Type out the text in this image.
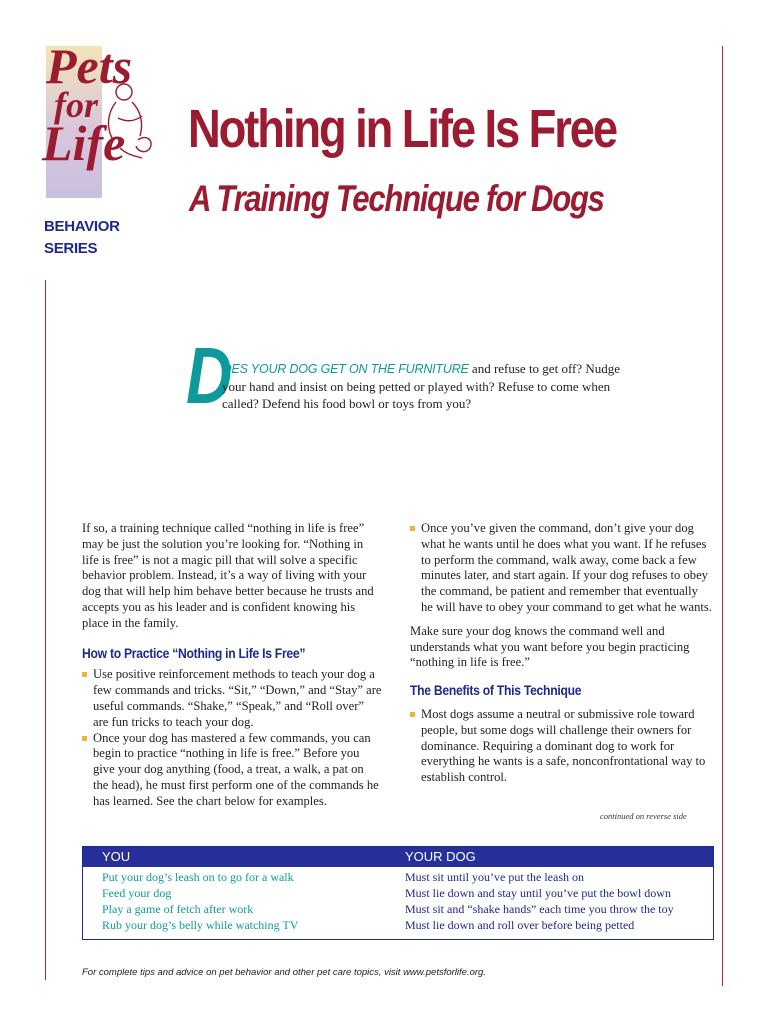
Pets
for
Life
BEHAVIOR
SERIES
Nothing in Life Is Free
A Training Technique for Dogs
D
OES YOUR DOG GET ON THE FURNITURE and refuse to get off? Nudge your hand and insist on being petted or played with? Refuse to come when called? Defend his food bowl or toys from you?

If so, a training technique called “nothing in life is free” may be just the solution you’re looking for. “Nothing in life is free” is not a magic pill that will solve a specific behavior problem. Instead, it’s a way of living with your dog that will help him behave better because he trusts and accepts you as his leader and is confident knowing his place in the family.

How to Practice “Nothing in Life Is Free”
Use positive reinforcement methods to teach your dog a few commands and tricks. “Sit,” “Down,” and “Stay” are useful commands. “Shake,” “Speak,” and “Roll over” are fun tricks to teach your dog.
Once your dog has mastered a few commands, you can begin to practice “nothing in life is free.” Before you give your dog anything (food, a treat, a walk, a pat on the head), he must first perform one of the commands he has learned. See the chart below for examples.
Once you’ve given the command, don’t give your dog what he wants until he does what you want. If he refuses to perform the command, walk away, come back a few minutes later, and start again. If your dog refuses to obey the command, be patient and remember that eventually he will have to obey your command to get what he wants.

Make sure your dog knows the command well and understands what you want before you begin practicing “nothing in life is free.”

The Benefits of This Technique
Most dogs assume a neutral or submissive role toward people, but some dogs will challenge their owners for dominance. Requiring a dominant dog to work for everything he wants is a safe, nonconfrontational way to establish control.
continued on reverse side
YOU	YOUR DOG
Put your dog’s leash on to go for a walk	Must sit until you’ve put the leash on
Feed your dog	Must lie down and stay until you’ve put the bowl down
Play a game of fetch after work	Must sit and “shake hands” each time you throw the toy
Rub your dog’s belly while watching TV	Must lie down and roll over before being petted
For complete tips and advice on pet behavior and other pet care topics, visit www.petsforlife.org.
